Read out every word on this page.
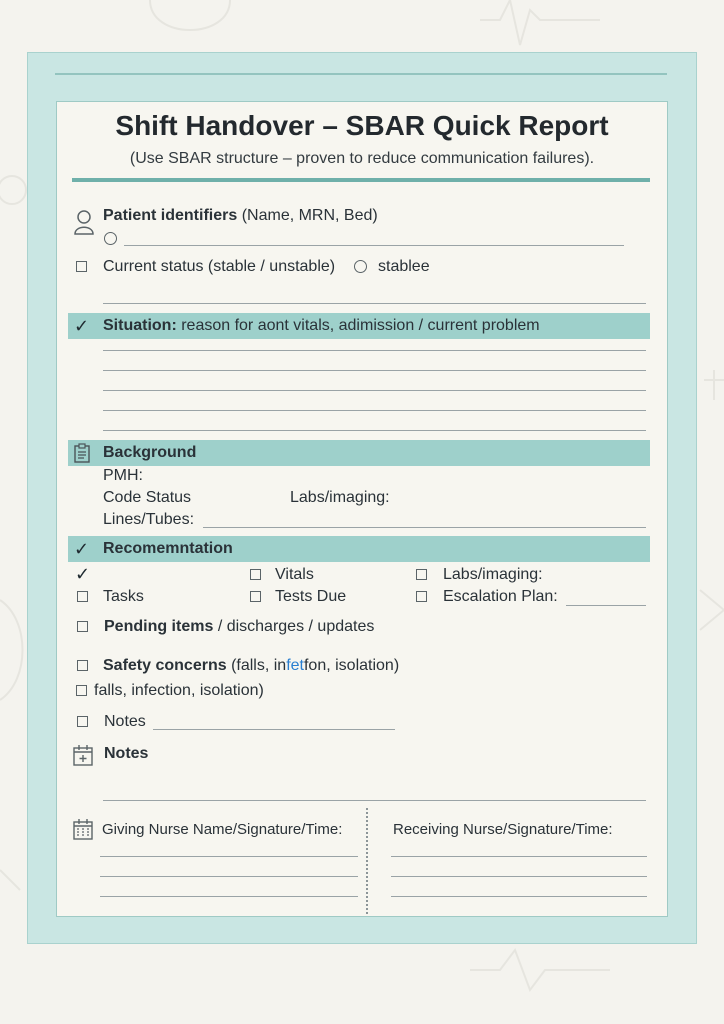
Shift Handover – SBAR Quick Report
(Use SBAR structure – proven to reduce communication failures).
Patient identifiers (Name, MRN, Bed)
Current status (stable / unstable)	stablee
✓ Situation: reason for aont vitals, adimission / current problem
Background
PMH:
Code Status	Labs/imaging:
Lines/Tubes:
✓ Recomemntation
✓	Vitals	Labs/imaging:
Tasks	Tests Due	Escalation Plan:
Pending items / discharges / updates
Safety concerns (falls, infetfon, isolation)
falls, infection, isolation)
Notes
Notes
Giving Nurse Name/Signature/Time:	Receiving Nurse/Signature/Time:
